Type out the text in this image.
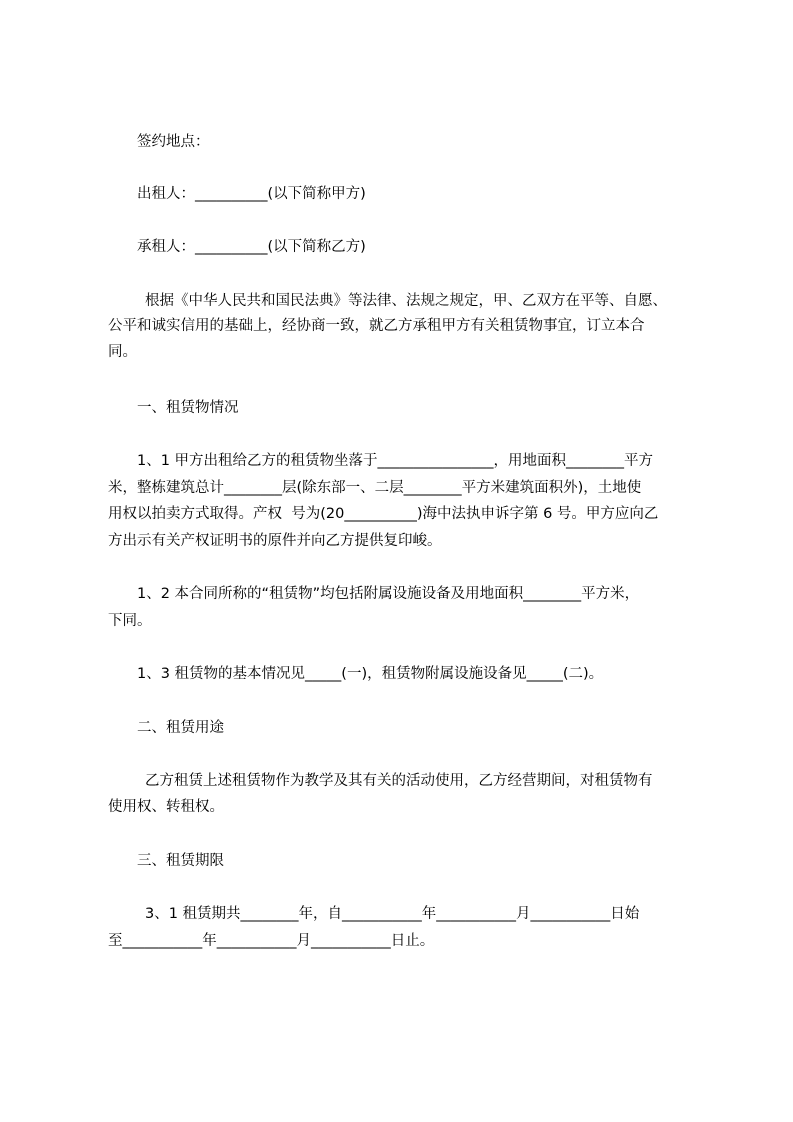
签约地点：
出租人：__________(以下简称甲方)
承租人：__________(以下简称乙方)
根据《中华人民共和国民法典》等法律、法规之规定，甲、乙双方在平等、自愿、
公平和诚实信用的基础上，经协商一致，就乙方承租甲方有关租赁物事宜，订立本合
同。
一、租赁物情况
1、1 甲方出租给乙方的租赁物坐落于________________，用地面积________平方
米，整栋建筑总计________层(除东部一、二层________平方米建筑面积外)，土地使
用权以拍卖方式取得。产权  号为(20__________)海中法执申诉字第 6 号。甲方应向乙
方出示有关产权证明书的原件并向乙方提供复印峻。
1、2 本合同所称的“租赁物”均包括附属设施设备及用地面积________平方米，
下同。
1、3 租赁物的基本情况见_____(一)，租赁物附属设施设备见_____(二)。
二、租赁用途
乙方租赁上述租赁物作为教学及其有关的活动使用，乙方经营期间，对租赁物有
使用权、转租权。
三、租赁期限
3、1 租赁期共________年，自___________年___________月___________日始
至___________年___________月___________日止。
